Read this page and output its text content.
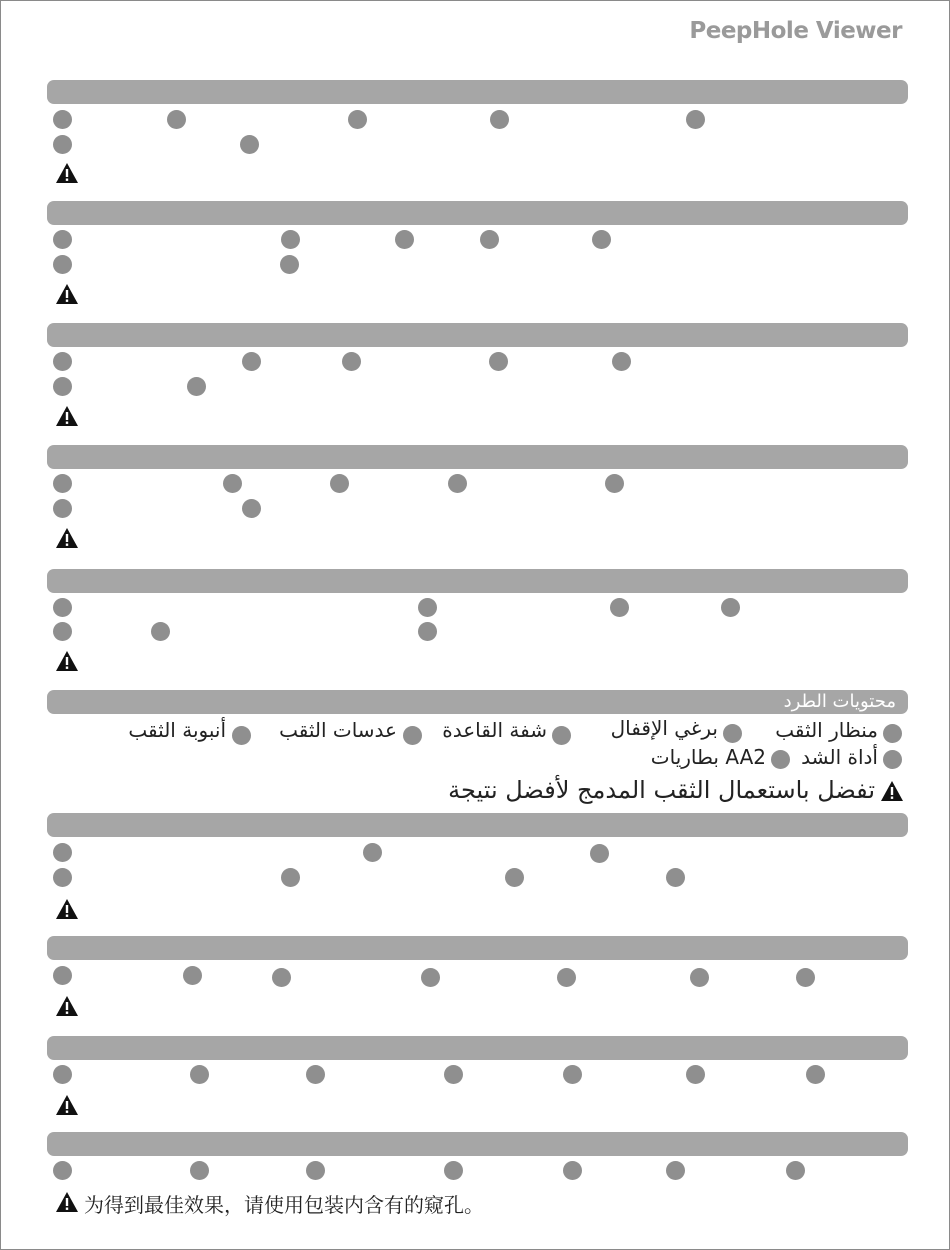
PeepHole Viewer
محتويات الطرد
منظار الثقب
برغي الإقفال
شفة القاعدة
عدسات الثقب
أنبوبة الثقب
أداة الشد
AA2 بطاريات
تفضل باستعمال الثقب المدمج لأفضل نتيجة
为得到最佳效果，请使用包装内含有的窥孔。
